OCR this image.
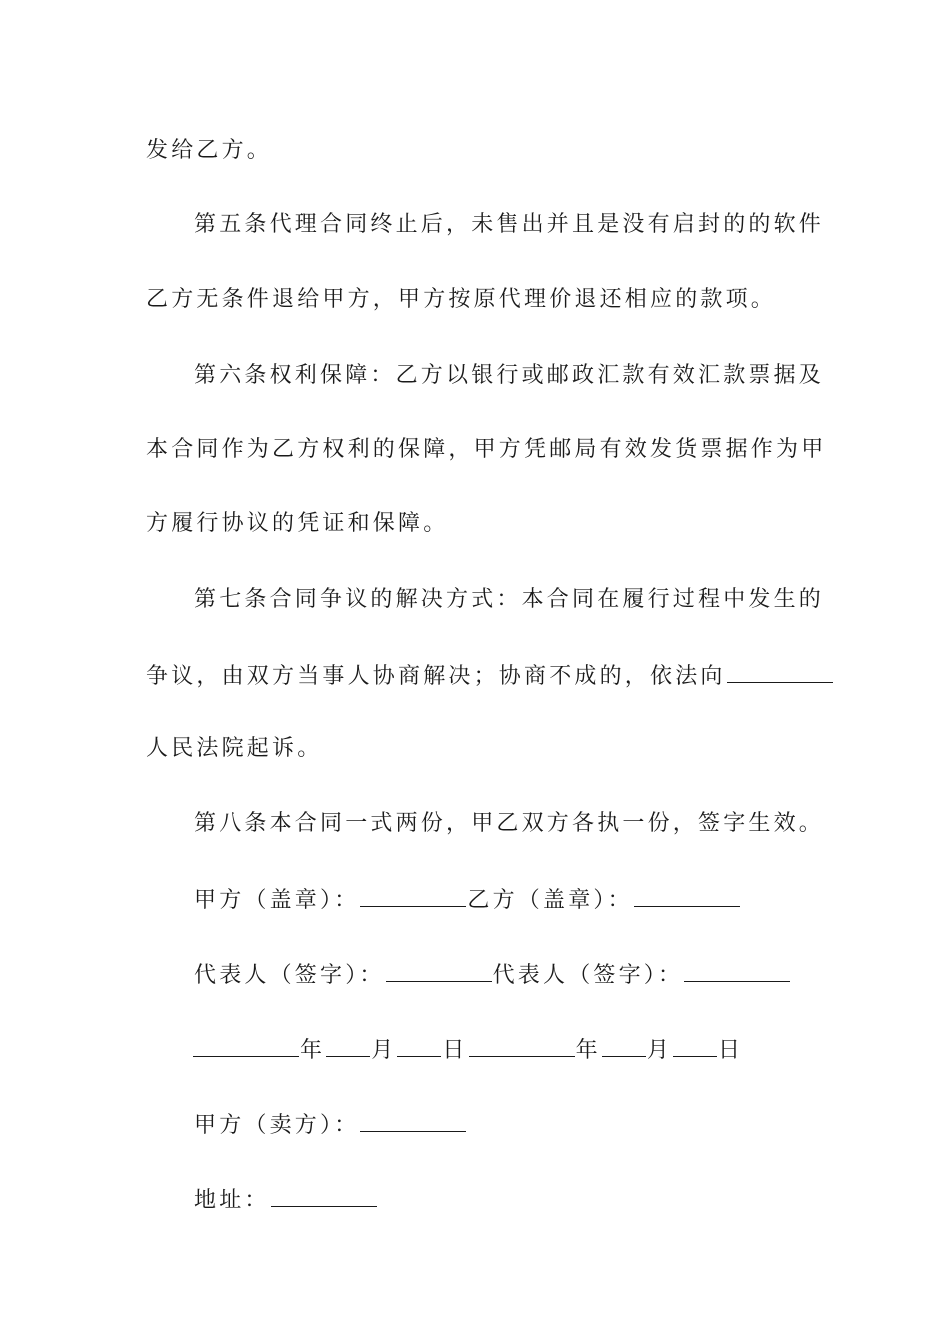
发给乙方。
第五条代理合同终止后，未售出并且是没有启封的的软件
乙方无条件退给甲方，甲方按原代理价退还相应的款项。
第六条权利保障：乙方以银行或邮政汇款有效汇款票据及
本合同作为乙方权利的保障，甲方凭邮局有效发货票据作为甲
方履行协议的凭证和保障。
第七条合同争议的解决方式：本合同在履行过程中发生的
争议，由双方当事人协商解决；协商不成的，依法向
人民法院起诉。
第八条本合同一式两份，甲乙双方各执一份，签字生效。
甲方（盖章）：	乙方（盖章）：
代表人（签字）：	代表人（签字）：
年 月 日	年 月 日
甲方（卖方）：
地址：
